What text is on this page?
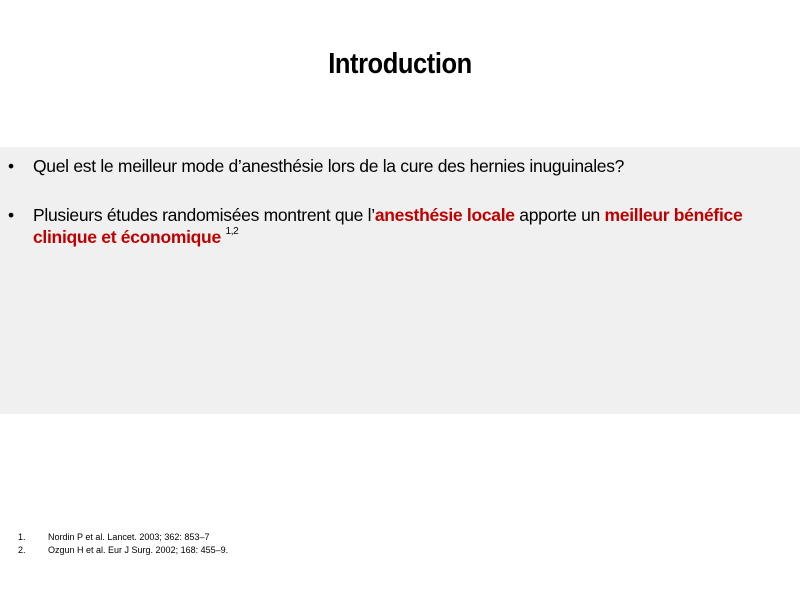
Introduction
• Quel est le meilleur mode d’anesthésie lors de la cure des hernies inuguinales?
• Plusieurs études randomisées montrent que l’anesthésie locale apporte un meilleur bénéfice clinique et économique $^{1,2}$
1. Nordin P et al. Lancet. 2003; 362: 853–7
2. Ozgun H et al. Eur J Surg. 2002; 168: 455–9.
